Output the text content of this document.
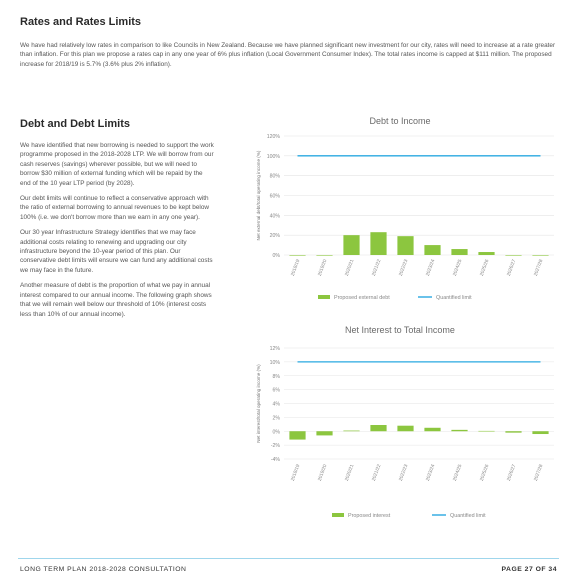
Rates and Rates Limits
We have had relatively low rates in comparison to like Councils in New Zealand. Because we have planned significant new investment for our city, rates will need to increase at a rate greater than inflation. For this plan we propose a rates cap in any one year of 6% plus inflation (Local Government Consumer Index). The total rates income is capped at $111 million. The proposed increase for 2018/19 is 5.7% (3.6% plus 2% inflation).
Debt and Debt Limits

We have identified that new borrowing is needed to support the work programme proposed in the 2018-2028 LTP. We will borrow from our cash reserves (savings) wherever possible, but we will need to borrow $30 million of external funding which will be repaid by the end of the 10 year LTP period (by 2028).

Our debt limits will continue to reflect a conservative approach with the ratio of external borrowing to annual revenues to be kept below 100% (i.e. we don't borrow more than we earn in any one year).

Our 30 year Infrastructure Strategy identifies that we may face additional costs relating to renewing and upgrading our city infrastructure beyond the 10-year period of this plan. Our conservative debt limits will ensure we can fund any additional costs we may face in the future.

Another measure of debt is the proportion of what we pay in annual interest compared to our annual income. The following graph shows that we will remain well below our threshold of 10% (interest costs less than 10% of our annual income).

Debt to Income
0%
20%
40%
60%
80%
100%
120%
Net external debt/total operating income (%)
2018/19	2019/20	2020/21	2021/22	2022/23	2023/24	2024/25	2025/26	2026/27	2027/28
Proposed external debt	Quantified limit
Net Interest to Total Income
-4%
-2%
0%
2%
4%
6%
8%
10%
12%
Net interest/total operating income (%)
2018/19	2019/20	2020/21	2021/22	2022/23	2023/24	2024/25	2025/26	2026/27	2027/28
Proposed interest	Quantified limit
LONG TERM PLAN 2018-2028 CONSULTATION	PAGE 27 OF 34
